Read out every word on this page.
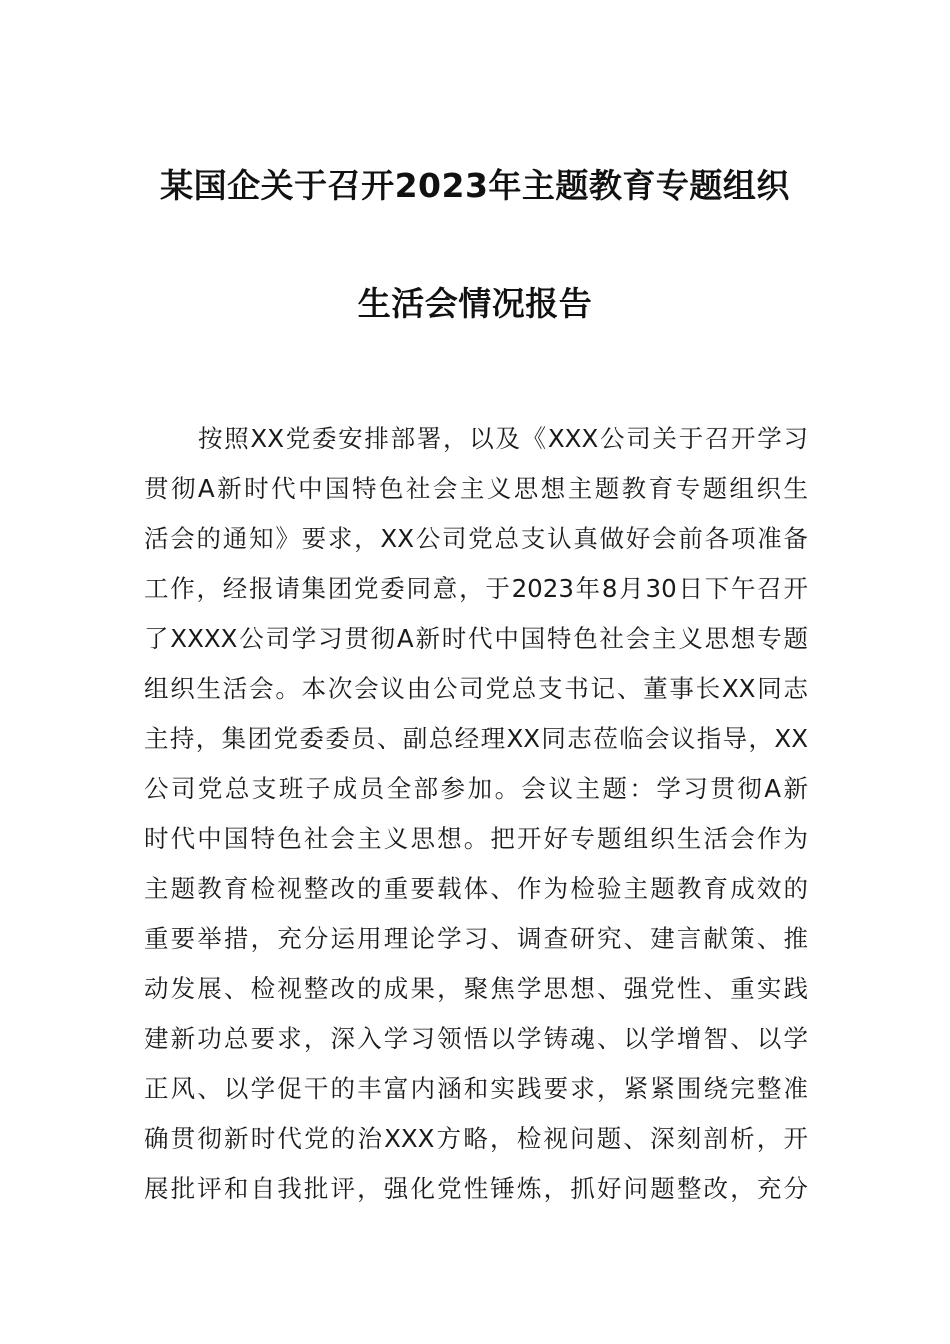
某国企关于召开2023年主题教育专题组织
生活会情况报告
按照XX党委安排部署，以及《XXX公司关于召开学习
贯彻A新时代中国特色社会主义思想主题教育专题组织生
活会的通知》要求，XX公司党总支认真做好会前各项准备
工作，经报请集团党委同意，于2023年8月30日下午召开
了XXXX公司学习贯彻A新时代中国特色社会主义思想专题
组织生活会。本次会议由公司党总支书记、董事长XX同志
主持，集团党委委员、副总经理XX同志莅临会议指导，XX
公司党总支班子成员全部参加。会议主题：学习贯彻A新
时代中国特色社会主义思想。把开好专题组织生活会作为
主题教育检视整改的重要载体、作为检验主题教育成效的
重要举措，充分运用理论学习、调查研究、建言献策、推
动发展、检视整改的成果，聚焦学思想、强党性、重实践
建新功总要求，深入学习领悟以学铸魂、以学增智、以学
正风、以学促干的丰富内涵和实践要求，紧紧围绕完整准
确贯彻新时代党的治XXX方略，检视问题、深刻剖析，开
展批评和自我批评，强化党性锤炼，抓好问题整改，充分
